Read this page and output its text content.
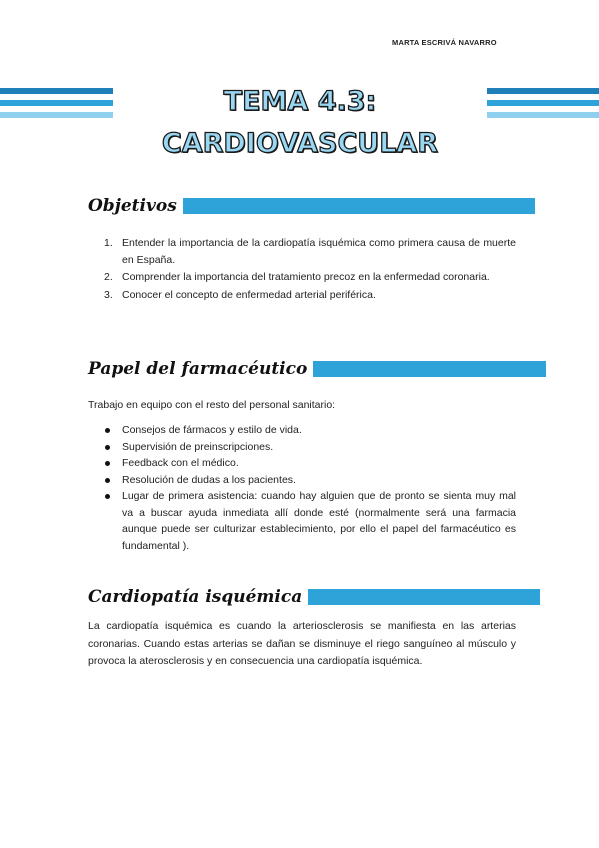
MARTA ESCRIVÁ NAVARRO
TEMA 4.3:
CARDIOVASCULAR
Objetivos
1. Entender la importancia de la cardiopatía isquémica como primera causa de muerte en España.
2. Comprender la importancia del tratamiento precoz en la enfermedad coronaria.
3. Conocer el concepto de enfermedad arterial periférica.
Papel del farmacéutico
Trabajo en equipo con el resto del personal sanitario:
Consejos de fármacos y estilo de vida.
Supervisión de preinscripciones.
Feedback con el médico.
Resolución de dudas a los pacientes.
Lugar de primera asistencia: cuando hay alguien que de pronto se sienta muy mal va a buscar ayuda inmediata allí donde esté (normalmente será una farmacia aunque puede ser culturizar establecimiento, por ello el papel del farmacéutico es fundamental ).
Cardiopatía isquémica
La cardiopatía isquémica es cuando la arteriosclerosis se manifiesta en las arterias coronarias. Cuando estas arterias se dañan se disminuye el riego sanguíneo al músculo y provoca la aterosclerosis y en consecuencia una cardiopatía isquémica.
